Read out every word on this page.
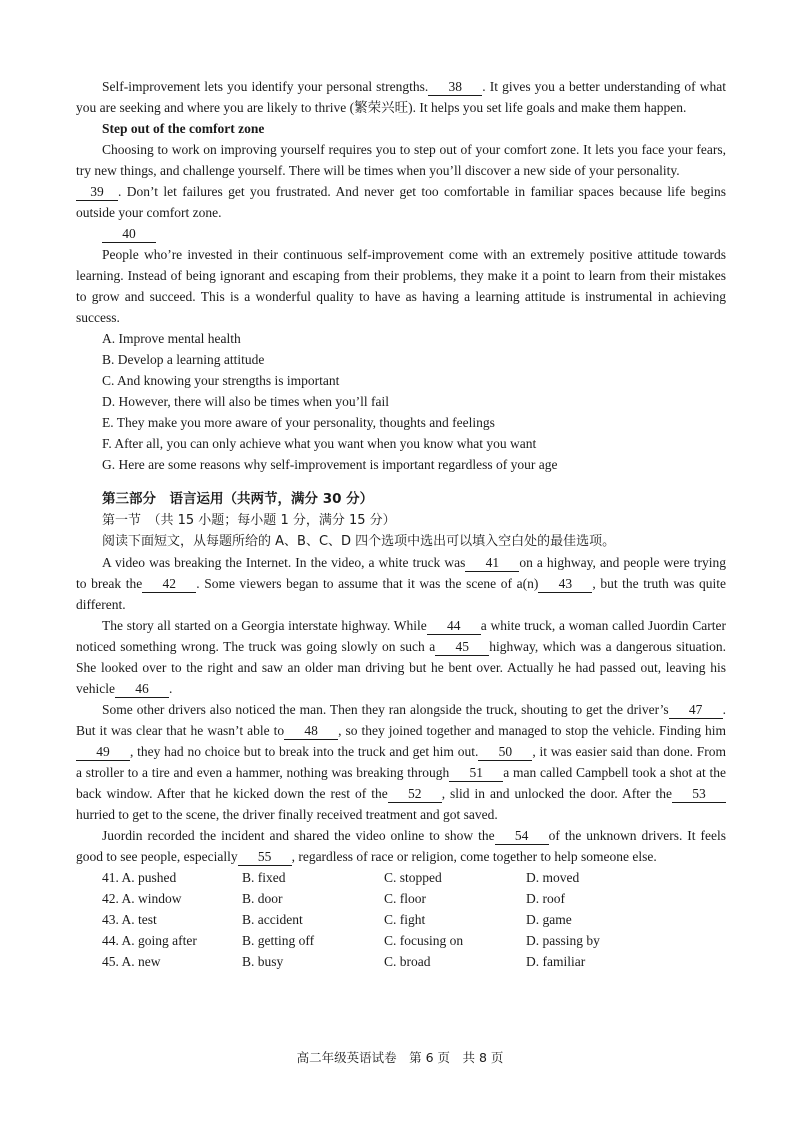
Self-improvement lets you identify your personal strengths. 38 . It gives you a better understanding of what you are seeking and where you are likely to thrive (繁荣兴旺). It helps you set life goals and make them happen.

Step out of the comfort zone

Choosing to work on improving yourself requires you to step out of your comfort zone. It lets you face your fears, try new things, and challenge yourself. There will be times when you’ll discover a new side of your personality.
39 . Don’t let failures get you frustrated. And never get too comfortable in familiar spaces because life begins outside your comfort zone.

40

People who’re invested in their continuous self-improvement come with an extremely positive attitude towards learning. Instead of being ignorant and escaping from their problems, they make it a point to learn from their mistakes to grow and succeed. This is a wonderful quality to have as having a learning attitude is instrumental in achieving success.

A. Improve mental health

B. Develop a learning attitude

C. And knowing your strengths is important

D. However, there will also be times when you’ll fail

E. They make you more aware of your personality, thoughts and feelings

F. After all, you can only achieve what you want when you know what you want

G. Here are some reasons why self-improvement is important regardless of your age

第三部分　语言运用（共两节，满分 30 分）

第一节　（共 15 小题；每小题 1 分，满分 15 分）

阅读下面短文，从每题所给的 A、B、C、D 四个选项中选出可以填入空白处的最佳选项。

A video was breaking the Internet. In the video, a white truck was 41 on a highway, and people were trying to break the 42 . Some viewers began to assume that it was the scene of a(n) 43 , but the truth was quite different.

The story all started on a Georgia interstate highway. While 44 a white truck, a woman called Juordin Carter noticed something wrong. The truck was going slowly on such a 45 highway, which was a dangerous situation. She looked over to the right and saw an older man driving but he bent over. Actually he had passed out, leaving his vehicle 46 .

Some other drivers also noticed the man. Then they ran alongside the truck, shouting to get the driver’s 47 . But it was clear that he wasn’t able to 48 , so they joined together and managed to stop the vehicle. Finding him49 , they had no choice but to break into the truck and get him out. 50 , it was easier said than done. From a stroller to a tire and even a hammer, nothing was breaking through 51 a man called Campbell took a shot at the back window. After that he kicked down the rest of the 52 , slid in and unlocked the door. After the 53hurried to get to the scene, the driver finally received treatment and got saved.

Juordin recorded the incident and shared the video online to show the 54 of the unknown drivers. It feels good to see people, especially 55 , regardless of race or religion, come together to help someone else.

41. A. pushed	B. fixed	C. stopped	D. moved
42. A. window	B. door	C. floor	D. roof
43. A. test	B. accident	C. fight	D. game
44. A. going after	B. getting off	C. focusing on	D. passing by
45. A. new	B. busy	C. broad	D. familiar
高二年级英语试卷　第 6 页　共 8 页
